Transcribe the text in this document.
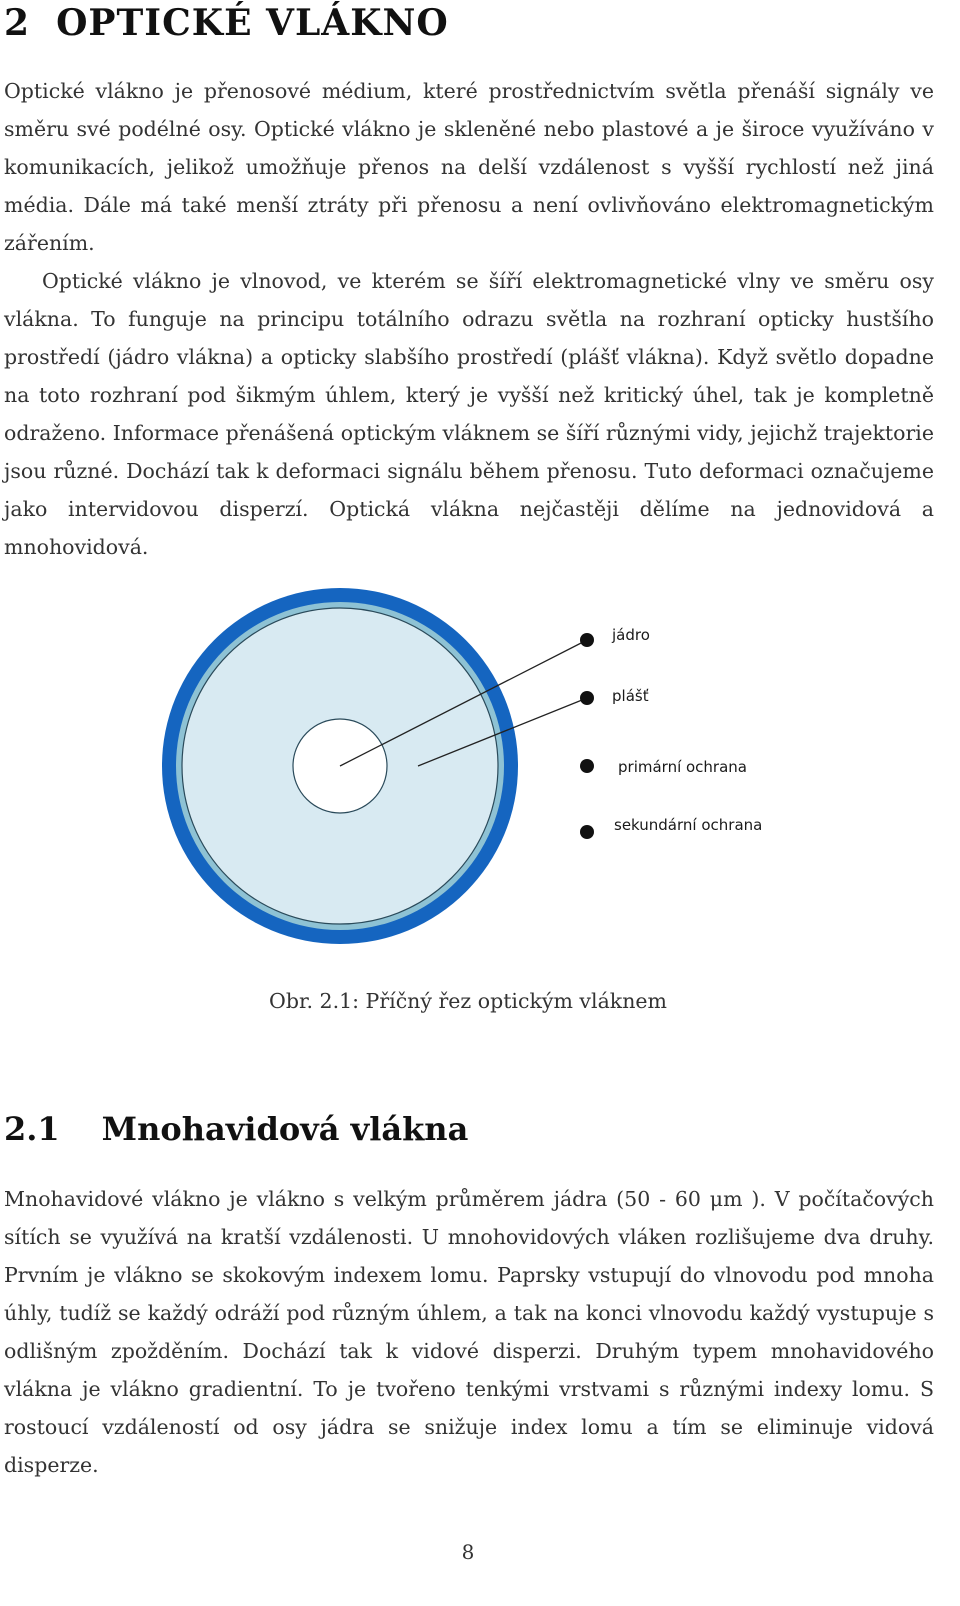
2 OPTICKÉ VLÁKNO

Optické vlákno je přenosové médium, které prostřednictvím světla přenáší signály ve směru své podélné osy. Optické vlákno je skleněné nebo plastové a je široce využíváno v komunikacích, jelikož umožňuje přenos na delší vzdálenost s vyšší rychlostí než jiná média. Dále má také menší ztráty při přenosu a není ovlivňováno elektromagnetickým zářením.

Optické vlákno je vlnovod, ve kterém se šíří elektromagnetické vlny ve směru osy vlákna. To funguje na principu totálního odrazu světla na rozhraní opticky hustšího prostředí (jádro vlákna) a opticky slabšího prostředí (plášť vlákna). Když světlo dopadne na toto rozhraní pod šikmým úhlem, který je vyšší než kritický úhel, tak je kompletně odraženo. Informace přenášená optickým vláknem se šíří různými vidy, jejichž trajektorie jsou různé. Dochází tak k deformaci signálu během přenosu. Tuto deformaci označujeme jako intervidovou disperzí. Optická vlákna nejčastěji dělíme na jednovidová a mnohovidová.

jádro
plášť
primární ochrana
sekundární ochrana

Obr. 2.1: Příčný řez optickým vláknem

2.1 Mnohavidová vlákna

Mnohavidové vlákno je vlákno s velkým průměrem jádra (50 - 60 μm ). V počítačových sítích se využívá na kratší vzdálenosti. U mnohovidových vláken rozlišujeme dva druhy. Prvním je vlákno se skokovým indexem lomu. Paprsky vstupují do vlnovodu pod mnoha úhly, tudíž se každý odráží pod různým úhlem, a tak na konci vlnovodu každý vystupuje s odlišným zpožděním. Dochází tak k vidové disperzi. Druhým typem mnohavidového vlákna je vlákno gradientní. To je tvořeno tenkými vrstvami s různými indexy lomu. S rostoucí vzdáleností od osy jádra se snižuje index lomu a tím se eliminuje vidová disperze.

8
